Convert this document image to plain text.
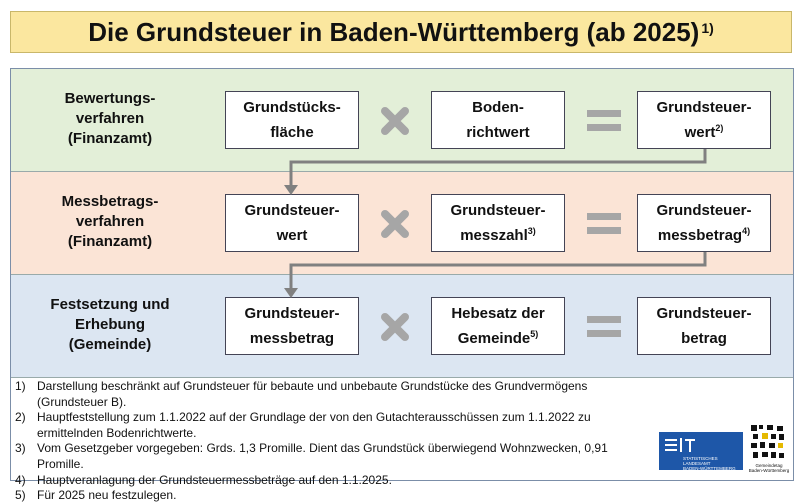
Die Grundsteuer in Baden-Württemberg (ab 2025)$^{1)}$
Bewertungs-
verfahren
(Finanzamt)
Grundstücks-
fläche
Boden-
richtwert
Grundsteuer-
wert$^{2)}$
Messbetrags-
verfahren
(Finanzamt)
Grundsteuer-
wert
Grundsteuer-
messzahl$^{3)}$
Grundsteuer-
messbetrag$^{4)}$
Festsetzung und
Erhebung
(Gemeinde)
Grundsteuer-
messbetrag
Hebesatz der
Gemeinde$^{5)}$
Grundsteuer-
betrag
1) Darstellung beschränkt auf Grundsteuer für bebaute und unbebaute Grundstücke des Grundvermögens (Grundsteuer B).
2) Hauptfeststellung zum 1.1.2022 auf der Grundlage der von den Gutachterausschüssen zum 1.1.2022 zu ermittelnden Bodenrichtwerte.
3) Vom Gesetzgeber vorgegeben: Grds. 1,3 Promille. Dient das Grundstück überwiegend Wohnzwecken, 0,91 Promille.
4) Hauptveranlagung der Grundsteuermessbeträge auf den 1.1.2025.
5) Für 2025 neu festzulegen.
STATISTISCHES LANDESAMT
BADEN-WÜRTTEMBERG
Gemeindetag
Baden-Württemberg
